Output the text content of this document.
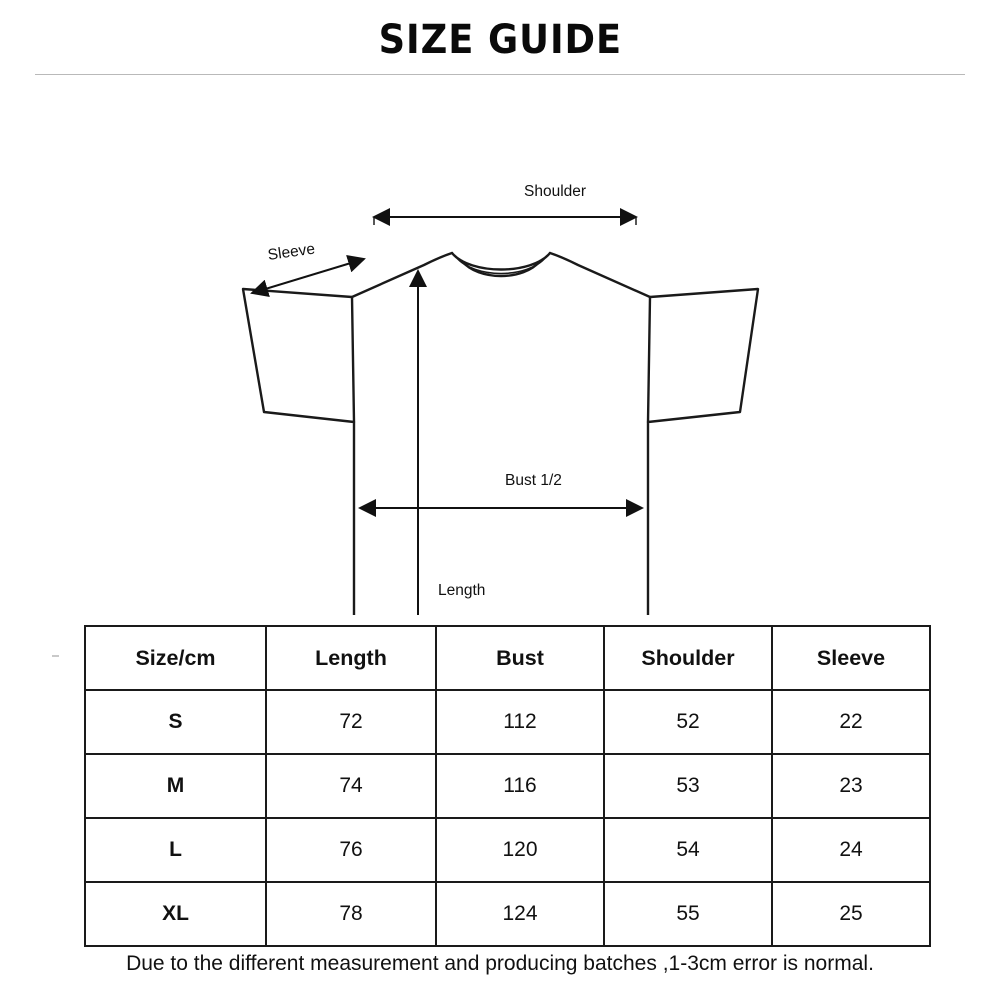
SIZE GUIDE
Shoulder
Sleeve
Bust 1/2
Length
Size/cm	Length	Bust	Shoulder	Sleeve
S	72	112	52	22
M	74	116	53	23
L	76	120	54	24
XL	78	124	55	25
Due to the different measurement and producing batches ,1-3cm error is normal.
